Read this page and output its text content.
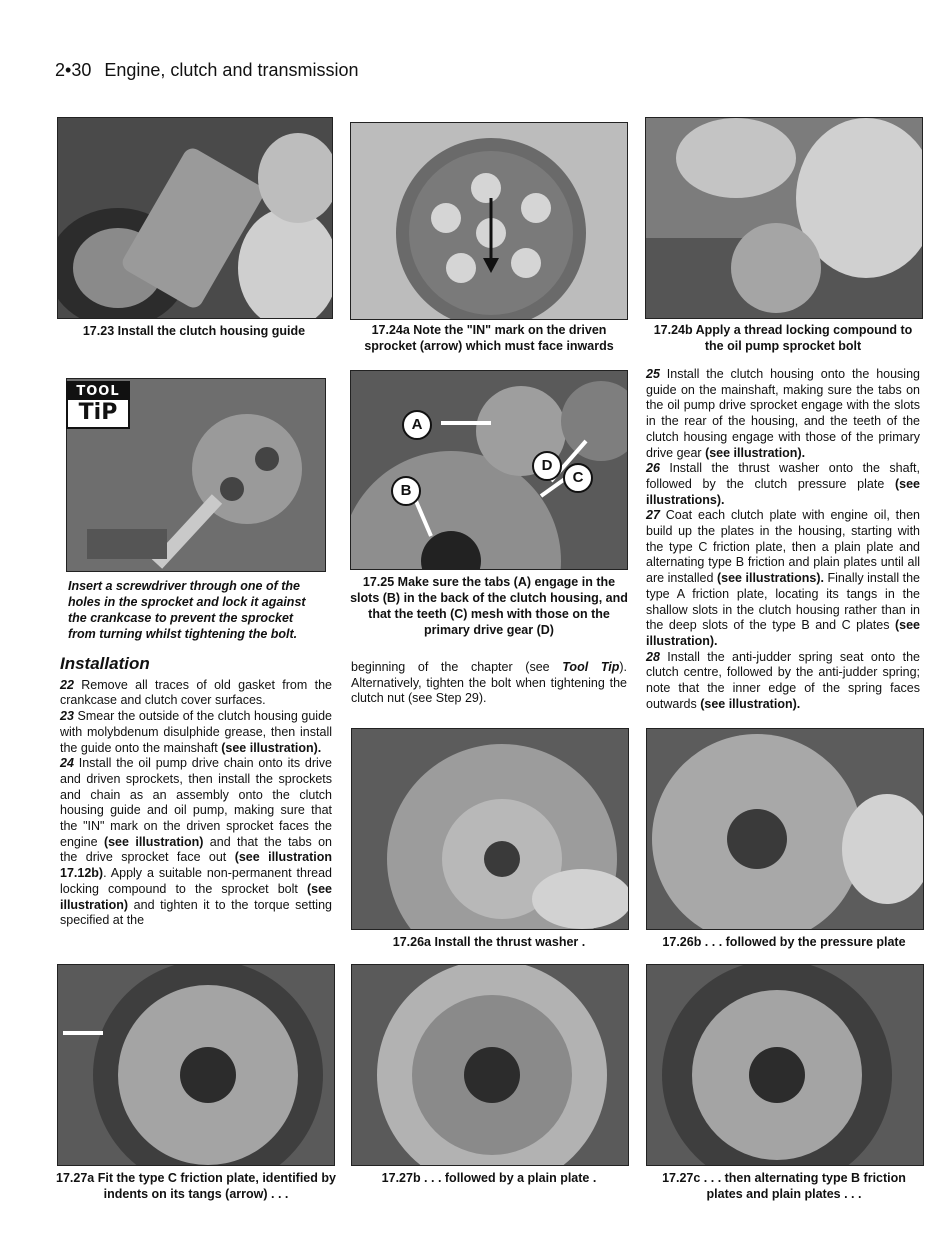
2•30 Engine, clutch and transmission
17.23 Install the clutch housing guide	17.24a Note the "IN" mark on the driven sprocket (arrow) which must face inwards
17.24b Apply a thread locking compound to the oil pump sprocket bolt
TOOL
TiP
Insert a screwdriver through one of the holes in the sprocket and lock it against the crankcase to prevent the sprocket from turning whilst tightening the bolt.
A
B
C
D
17.25 Make sure the tabs (A) engage in the slots (B) in the back of the clutch housing, and that the teeth (C) mesh with those on the primary drive gear (D)

25 Install the clutch housing onto the housing guide on the mainshaft, making sure the tabs on the oil pump drive sprocket engage with the slots in the rear of the housing, and the teeth of the clutch housing engage with those of the primary drive gear (see illustration).

26 Install the thrust washer onto the shaft, followed by the clutch pressure plate (see illustrations).

27 Coat each clutch plate with engine oil, then build up the plates in the housing, starting with the type C friction plate, then a plain plate and alternating type B friction and plain plates until all are installed (see illustrations). Finally install the type A friction plate, locating its tangs in the shallow slots in the clutch housing rather than in the deep slots of the type B and C plates (see illustration).

28 Install the anti-judder spring seat onto the clutch centre, followed by the anti-judder spring; note that the inner edge of the spring faces outwards (see illustration).

Installation

22 Remove all traces of old gasket from the crankcase and clutch cover surfaces.

23 Smear the outside of the clutch housing guide with molybdenum disulphide grease, then install the guide onto the mainshaft (see illustration).

24 Install the oil pump drive chain onto its drive and driven sprockets, then install the sprockets and chain as an assembly onto the clutch housing guide and oil pump, making sure that the "IN" mark on the driven sprocket faces the engine (see illustration) and that the tabs on the drive sprocket face out (see illustration 17.12b). Apply a suitable non-permanent thread locking compound to the sprocket bolt (see illustration) and tighten it to the torque setting specified at the

beginning of the chapter (see Tool Tip). Alternatively, tighten the bolt when tightening the clutch nut (see Step 29).

17.26a Install the thrust washer .	17.26b . . . followed by the pressure plate
17.27a Fit the type C friction plate, identified by indents on its tangs (arrow) . . .
17.27b . . . followed by a plain plate .	17.27c . . . then alternating type B friction plates and plain plates . . .
